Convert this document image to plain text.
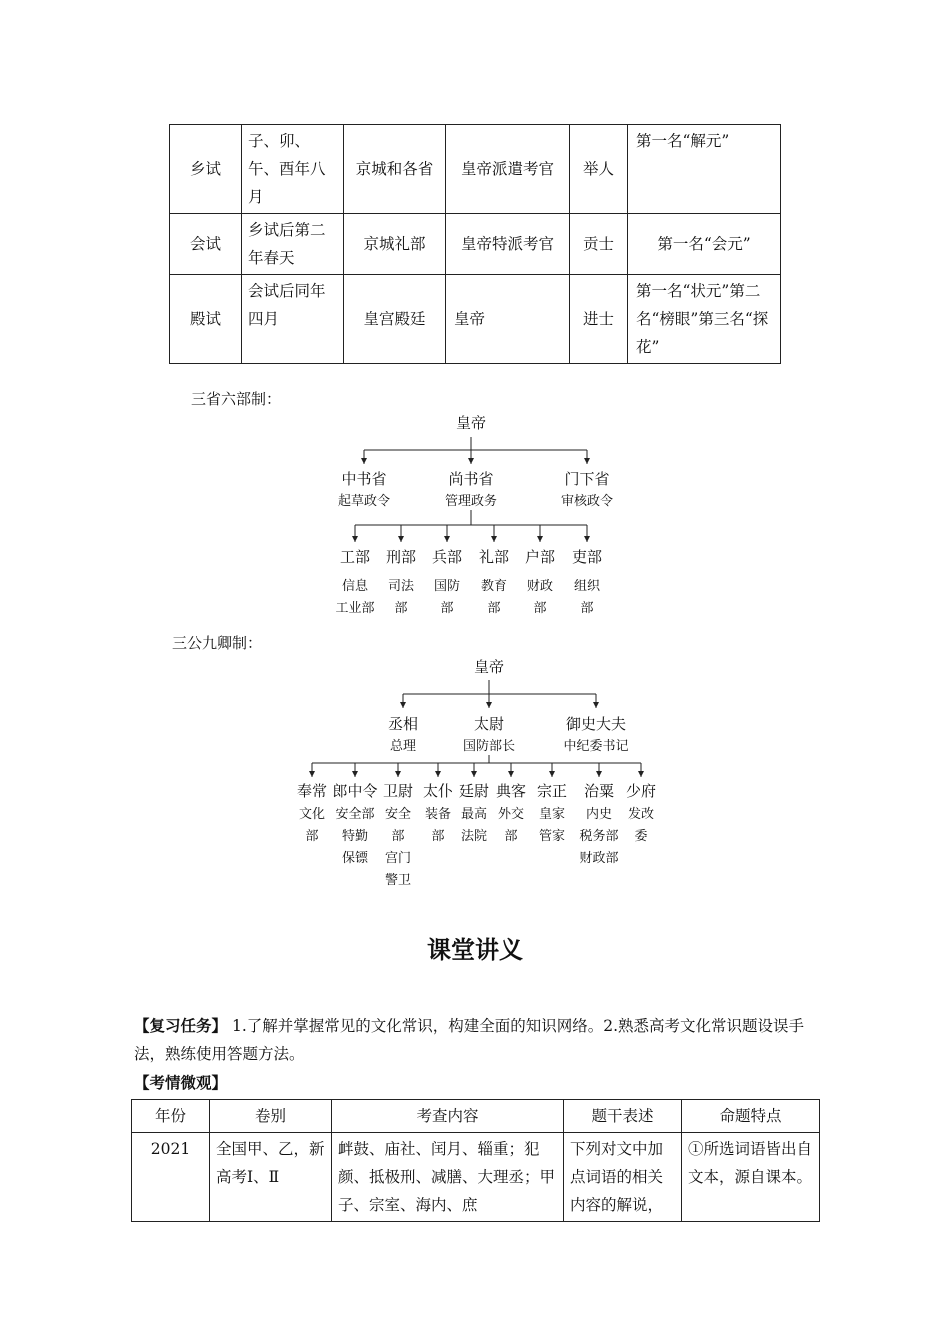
乡试	子、卯、午、酉年八月	京城和各省	皇帝派遣考官	举人	第一名“解元”
会试	乡试后第二年春天	京城礼部	皇帝特派考官	贡士	第一名“会元”
殿试	会试后同年四月	皇宫殿廷	皇帝	进士	第一名“状元”第二名“榜眼”第三名“探花”
三省六部制：
皇帝
中书省
起草政令
尚书省
管理政务
门下省
审核政令
工部
信息
工业部
刑部
司法
部
兵部
国防
部
礼部
教育
部
户部
财政
部
吏部
组织
部
三公九卿制：
皇帝
丞相
总理
太尉
国防部长
御史大夫
中纪委书记
奉常 郎中令 卫尉 太仆 廷尉 典客 宗正 治粟 少府
文化
部
安全部
特勤
保镖
安全
部
宫门
警卫
装备
部
最高
法院
外交
部
皇家
管家
内史
税务部
财政部
发改
委
课堂讲义
【复习任务】 1.了解并掌握常见的文化常识，构建全面的知识网络。2.熟悉高考文化常识题设误手法，熟练使用答题方法。
【考情微观】
年份	卷别	考查内容	题干表述	命题特点
2021	全国甲、乙，新高考Ⅰ、Ⅱ	衅鼓、庙社、闰月、辎重；犯颜、抵极刑、减膳、大理丞；甲子、宗室、海内、庶	下列对文中加点词语的相关内容的解说，	①所选词语皆出自文本，源自课本。
